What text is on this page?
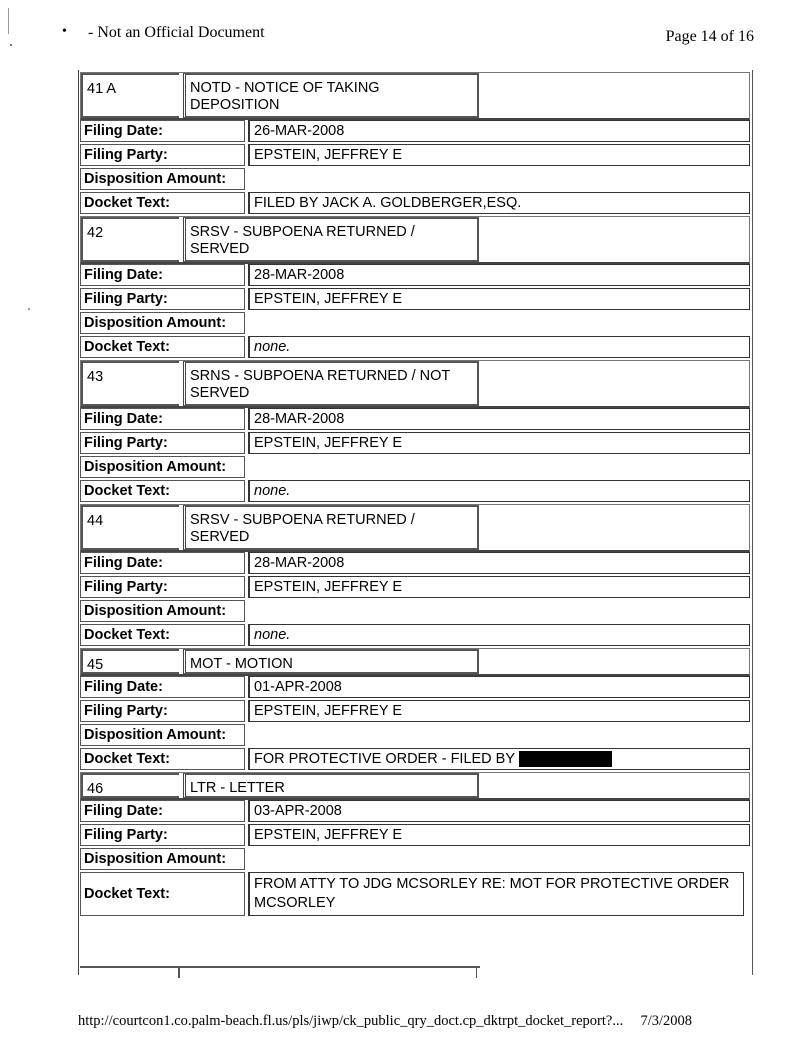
• - Not an Official Document	Page 14 of 16
41 A	NOTD - NOTICE OF TAKING DEPOSITION
Filing Date:	26-MAR-2008
Filing Party:	EPSTEIN, JEFFREY E
Disposition Amount:
Docket Text:	FILED BY JACK A. GOLDBERGER,ESQ.
42	SRSV - SUBPOENA RETURNED / SERVED
Filing Date:	28-MAR-2008
Filing Party:	EPSTEIN, JEFFREY E
Disposition Amount:
Docket Text:	none.
43	SRNS - SUBPOENA RETURNED / NOT SERVED
Filing Date:	28-MAR-2008
Filing Party:	EPSTEIN, JEFFREY E
Disposition Amount:
Docket Text:	none.
44	SRSV - SUBPOENA RETURNED / SERVED
Filing Date:	28-MAR-2008
Filing Party:	EPSTEIN, JEFFREY E
Disposition Amount:
Docket Text:	none.
45	MOT - MOTION
Filing Date:	01-APR-2008
Filing Party:	EPSTEIN, JEFFREY E
Disposition Amount:
Docket Text:	FOR PROTECTIVE ORDER - FILED BY
46	LTR - LETTER
Filing Date:	03-APR-2008
Filing Party:	EPSTEIN, JEFFREY E
Disposition Amount:
Docket Text:
FROM ATTY TO JDG MCSORLEY RE: MOT FOR PROTECTIVE ORDER MCSORLEY
http://courtcon1.co.palm-beach.fl.us/pls/jiwp/ck_public_qry_doct.cp_dktrpt_docket_report?... 7/3/2008
